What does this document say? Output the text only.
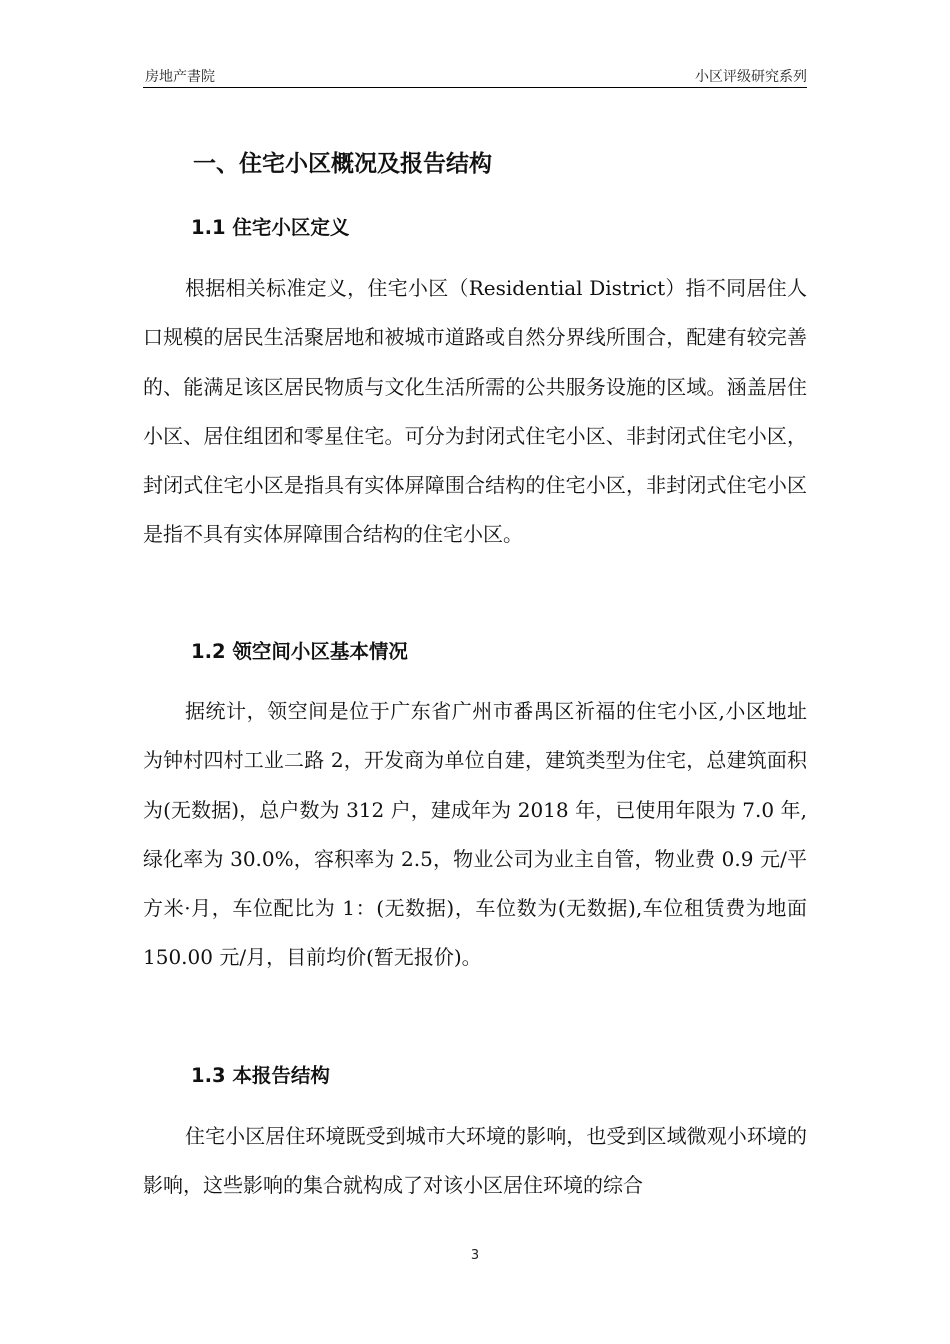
房地产書院	小区评级研究系列
一、住宅小区概况及报告结构
1.1 住宅小区定义
根据相关标准定义，住宅小区（Residential District）指不同居住人口规模的居民生活聚居地和被城市道路或自然分界线所围合，配建有较完善的、能满足该区居民物质与文化生活所需的公共服务设施的区域。涵盖居住小区、居住组团和零星住宅。可分为封闭式住宅小区、非封闭式住宅小区，封闭式住宅小区是指具有实体屏障围合结构的住宅小区，非封闭式住宅小区是指不具有实体屏障围合结构的住宅小区。
1.2 领空间小区基本情况
据统计，领空间是位于广东省广州市番禺区祈福的住宅小区,小区地址为钟村四村工业二路 2，开发商为单位自建，建筑类型为住宅，总建筑面积为(无数据)，总户数为 312 户，建成年为 2018 年，已使用年限为 7.0 年,绿化率为 30.0%，容积率为 2.5，物业公司为业主自管，物业费 0.9 元/平方米·月，车位配比为 1：(无数据)，车位数为(无数据),车位租赁费为地面 150.00 元/月，目前均价(暂无报价)。
1.3 本报告结构
住宅小区居住环境既受到城市大环境的影响，也受到区域微观小环境的影响，这些影响的集合就构成了对该小区居住环境的综合
3
